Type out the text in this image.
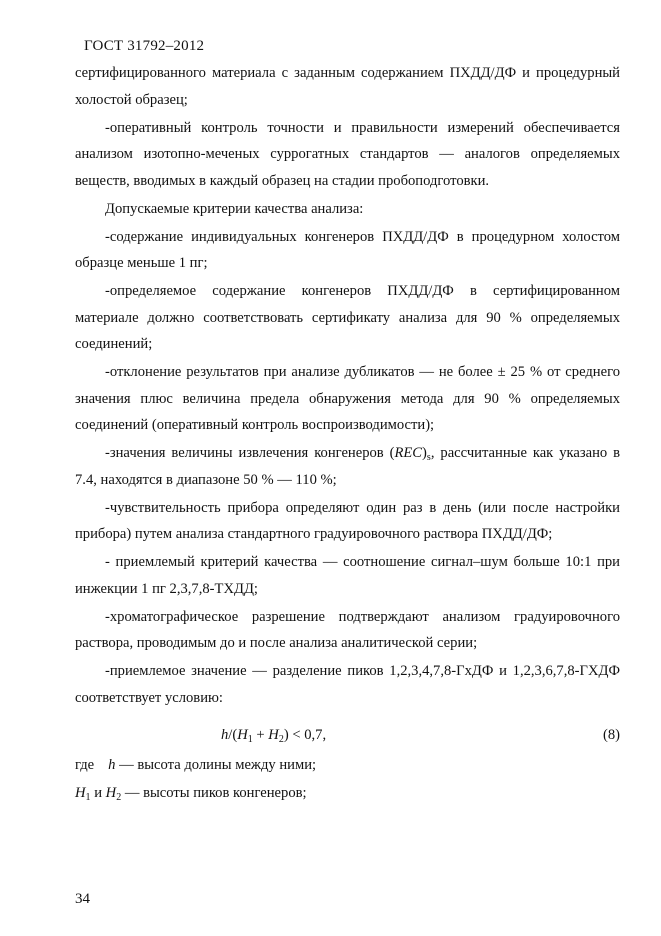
ГОСТ 31792–2012

сертифицированного материала с заданным содержанием ПХДД/ДФ и процедурный холостой образец;

-оперативный контроль точности и правильности измерений обеспечивается анализом изотопно-меченых суррогатных стандартов — аналогов определяемых веществ, вводимых в каждый образец на стадии пробоподготовки.

Допускаемые критерии качества анализа:

-содержание индивидуальных конгенеров ПХДД/ДФ в процедурном холостом образце меньше 1 пг;

-определяемое содержание конгенеров ПХДД/ДФ в сертифицированном материале должно соответствовать сертификату анализа для 90 % определяемых соединений;

-отклонение результатов при анализе дубликатов — не более ± 25 % от среднего значения плюс величина предела обнаружения метода для 90 % определяемых соединений (оперативный контроль воспроизводимости);

-значения величины извлечения конгенеров $(REC)_s$, рассчитанные как указано в 7.4, находятся в диапазоне 50 % — 110 %;

-чувствительность прибора определяют один раз в день (или после настройки прибора) путем анализа стандартного градуировочного раствора ПХДД/ДФ;

- приемлемый критерий качества — соотношение сигнал–шум больше 10:1 при инжекции 1 пг 2,3,7,8-ТХДД;

-хроматографическое разрешение подтверждают анализом градуировочного раствора, проводимым до и после анализа аналитической серии;

-приемлемое значение — разделение пиков 1,2,3,4,7,8-ГхДФ и 1,2,3,6,7,8-ГХДФ соответствует условию:

$h/(H_1 + H_2) < 0,7$,	(8)

где h — высота долины между ними;

$H_1$ и $H_2$ — высоты пиков конгенеров;

34
